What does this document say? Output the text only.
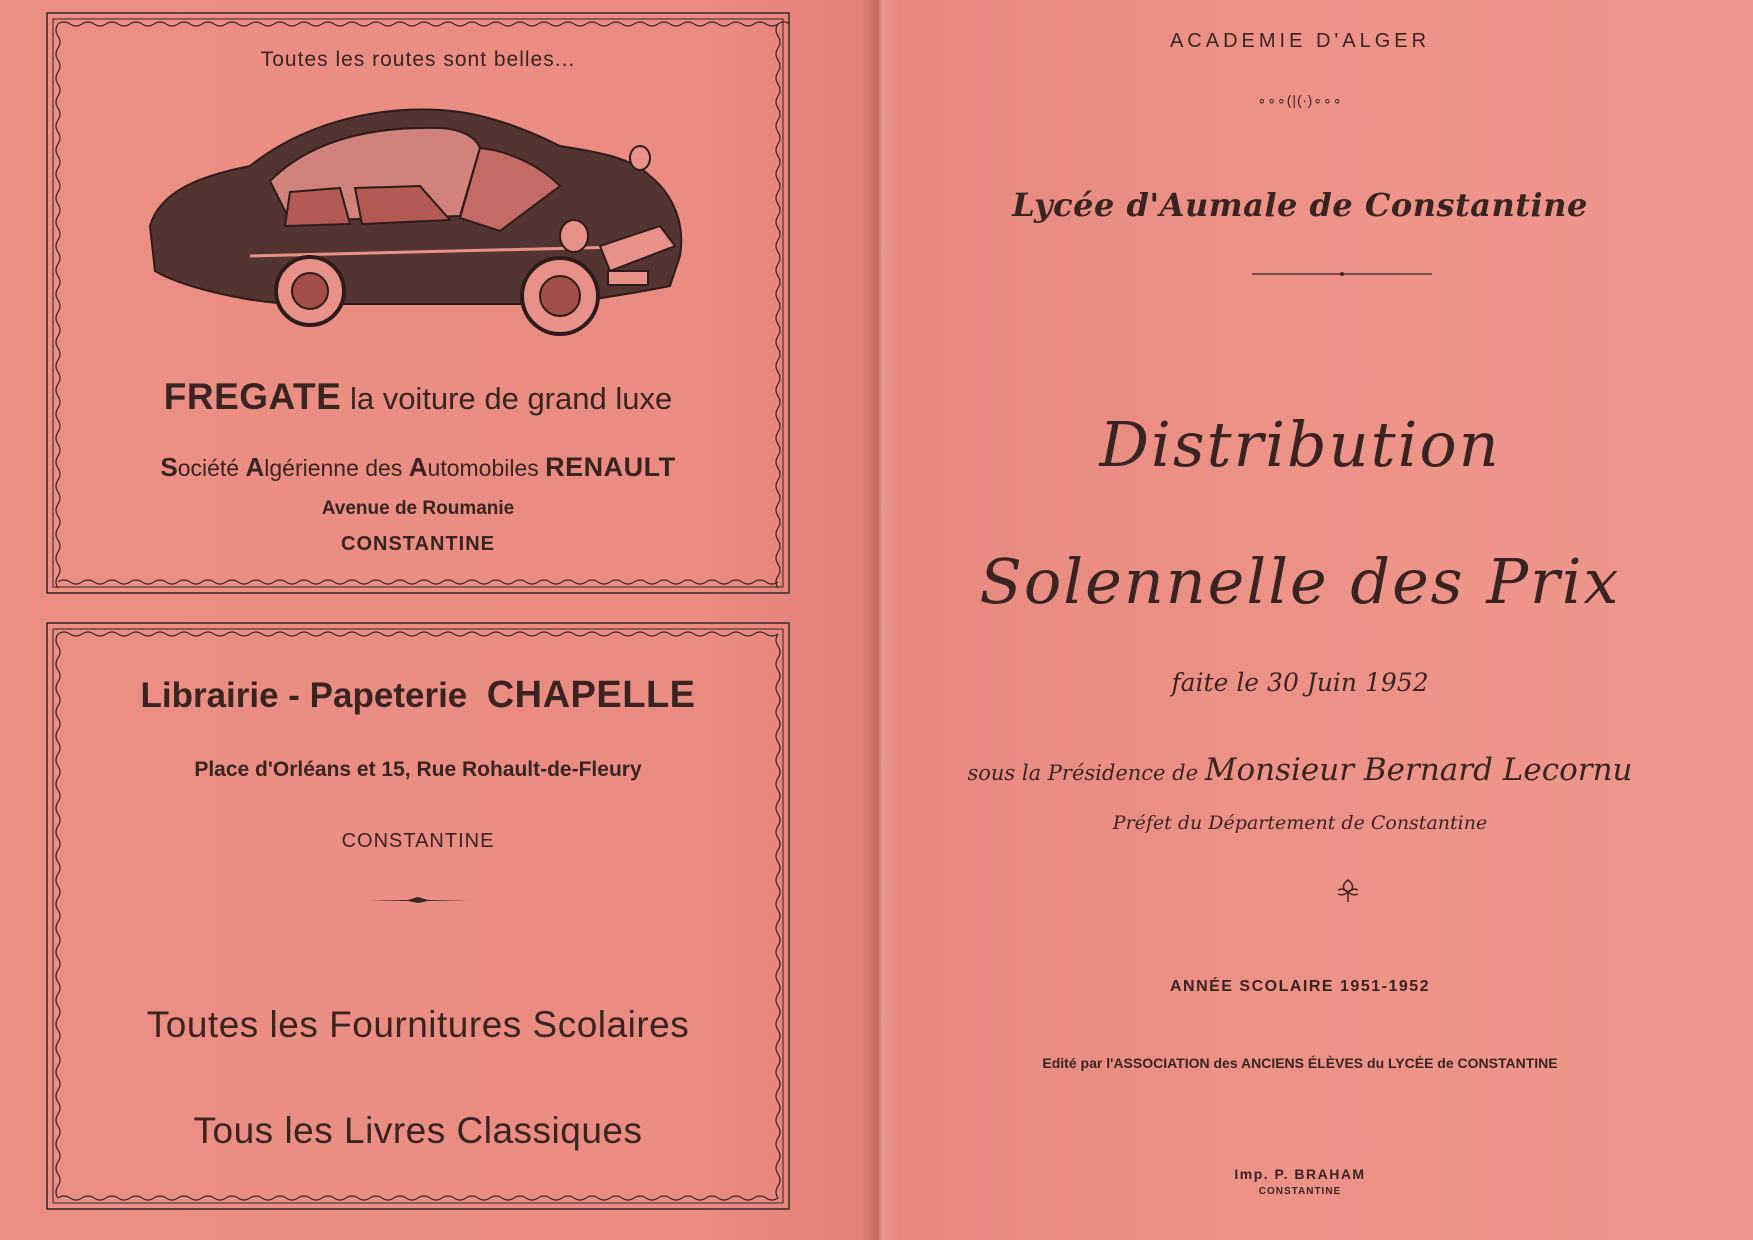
Toutes les routes sont belles...
FREGATE la voiture de grand luxe
Société Algérienne des Automobiles RENAULT
Avenue de Roumanie
CONSTANTINE
Librairie - Papeterie CHAPELLE
Place d'Orléans et 15, Rue Rohault-de-Fleury
CONSTANTINE
Toutes les Fournitures Scolaires
Tous les Livres Classiques
ACADEMIE D'ALGER
∘∘∘(|(∙)∘∘∘
Lycée d'Aumale de Constantine
Distribution
Solennelle des Prix
faite le 30 Juin 1952
sous la Présidence de Monsieur Bernard Lecornu
Préfet du Département de Constantine
ANNÉE SCOLAIRE 1951-1952
Edité par l'ASSOCIATION des ANCIENS ÉLÈVES du LYCÉE de CONSTANTINE
Imp. P. BRAHAM
CONSTANTINE
